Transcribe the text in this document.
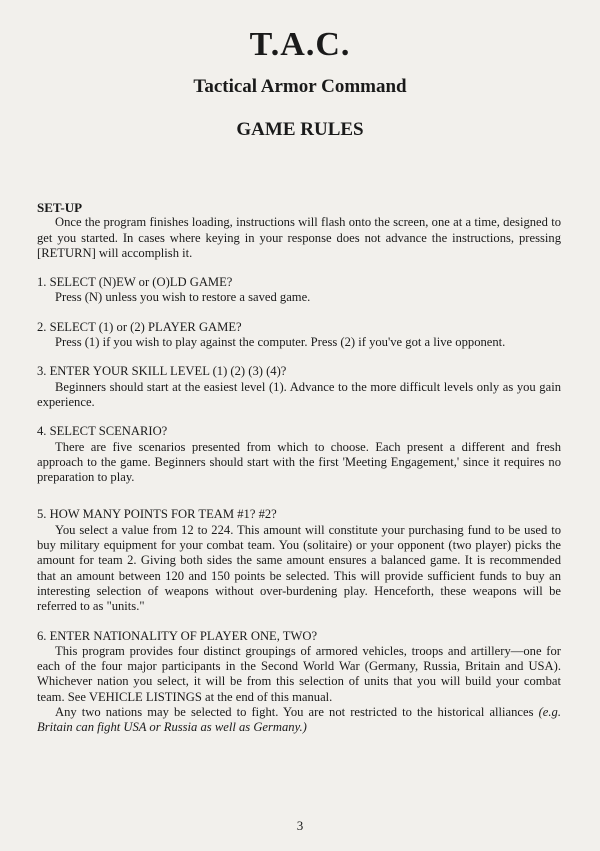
T.A.C.
Tactical Armor Command
GAME RULES
SET-UP

Once the program finishes loading, instructions will flash onto the screen, one at a time, designed to get you started. In cases where keying in your response does not advance the instructions, pressing [RETURN] will accomplish it.

1. SELECT (N)EW or (O)LD GAME?

Press (N) unless you wish to restore a saved game.

2. SELECT (1) or (2) PLAYER GAME?

Press (1) if you wish to play against the computer. Press (2) if you've got a live opponent.

3. ENTER YOUR SKILL LEVEL (1) (2) (3) (4)?

Beginners should start at the easiest level (1). Advance to the more difficult levels only as you gain experience.

4. SELECT SCENARIO?

There are five scenarios presented from which to choose. Each present a different and fresh approach to the game. Beginners should start with the first 'Meeting Engagement,' since it requires no preparation to play.

5. HOW MANY POINTS FOR TEAM #1? #2?

You select a value from 12 to 224. This amount will constitute your purchasing fund to be used to buy military equipment for your combat team. You (solitaire) or your opponent (two player) picks the amount for team 2. Giving both sides the same amount ensures a balanced game. It is recommended that an amount between 120 and 150 points be selected. This will provide sufficient funds to buy an interesting selection of weapons without over-burdening play. Henceforth, these weapons will be referred to as "units."

6. ENTER NATIONALITY OF PLAYER ONE, TWO?

This program provides four distinct groupings of armored vehicles, troops and artillery—one for each of the four major participants in the Second World War (Germany, Russia, Britain and USA). Whichever nation you select, it will be from this selection of units that you will build your combat team. See VEHICLE LISTINGS at the end of this manual.

Any two nations may be selected to fight. You are not restricted to the historical alliances (e.g. Britain can fight USA or Russia as well as Germany.)

3
